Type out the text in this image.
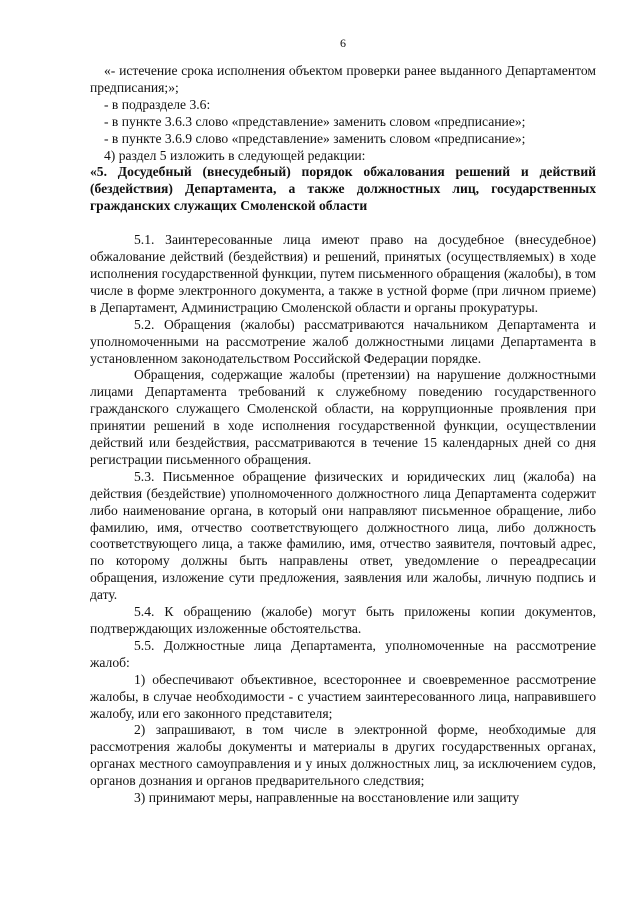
6

«- истечение срока исполнения объектом проверки ранее выданного Департаментом предписания;»;

- в подразделе 3.6:

- в пункте 3.6.3 слово «представление» заменить словом «предписание»;

- в пункте 3.6.9 слово «представление» заменить словом «предписание»;

4) раздел 5 изложить в следующей редакции:

«5. Досудебный (внесудебный) порядок обжалования решений и действий (бездействия) Департамента, а также должностных лиц, государственных гражданских служащих Смоленской области

5.1. Заинтересованные лица имеют право на досудебное (внесудебное) обжалование действий (бездействия) и решений, принятых (осуществляемых) в ходе исполнения государственной функции, путем письменного обращения (жалобы), в том числе в форме электронного документа, а также в устной форме (при личном приеме) в Департамент, Администрацию Смоленской области и органы прокуратуры.

5.2. Обращения (жалобы) рассматриваются начальником Департамента и уполномоченными на рассмотрение жалоб должностными лицами Департамента в установленном законодательством Российской Федерации порядке.

Обращения, содержащие жалобы (претензии) на нарушение должностными лицами Департамента требований к служебному поведению государственного гражданского служащего Смоленской области, на коррупционные проявления при принятии решений в ходе исполнения государственной функции, осуществлении действий или бездействия, рассматриваются в течение 15 календарных дней со дня регистрации письменного обращения.

5.3. Письменное обращение физических и юридических лиц (жалоба) на действия (бездействие) уполномоченного должностного лица Департамента содержит либо наименование органа, в который они направляют письменное обращение, либо фамилию, имя, отчество соответствующего должностного лица, либо должность соответствующего лица, а также фамилию, имя, отчество заявителя, почтовый адрес, по которому должны быть направлены ответ, уведомление о переадресации обращения, изложение сути предложения, заявления или жалобы, личную подпись и дату.

5.4. К обращению (жалобе) могут быть приложены копии документов, подтверждающих изложенные обстоятельства.

5.5. Должностные лица Департамента, уполномоченные на рассмотрение жалоб:

1) обеспечивают объективное, всестороннее и своевременное рассмотрение жалобы, в случае необходимости - с участием заинтересованного лица, направившего жалобу, или его законного представителя;

2) запрашивают, в том числе в электронной форме, необходимые для рассмотрения жалобы документы и материалы в других государственных органах, органах местного самоуправления и у иных должностных лиц, за исключением судов, органов дознания и органов предварительного следствия;

3) принимают меры, направленные на восстановление или защиту
